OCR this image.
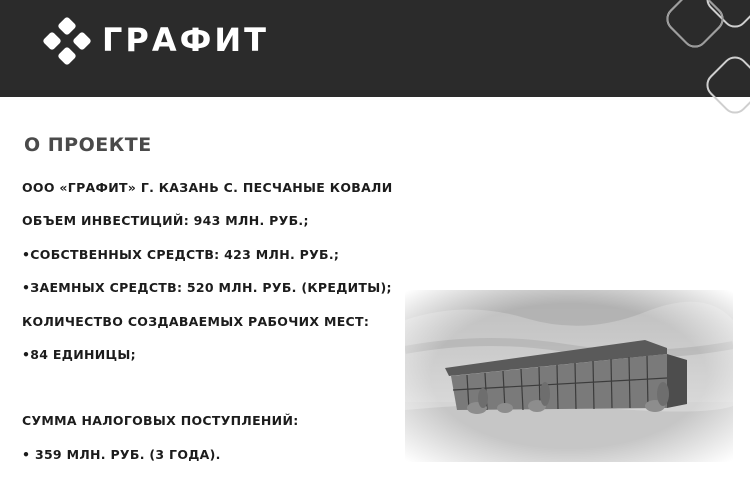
ГРАФИТ
О ПРОЕКТЕ
ООО «ГРАФИТ» Г. КАЗАНЬ С. ПЕСЧАНЫЕ КОВАЛИ
ОБЪЕМ ИНВЕСТИЦИЙ: 943 МЛН. РУБ.;
•СОБСТВЕННЫХ СРЕДСТВ: 423 МЛН. РУБ.;
•ЗАЕМНЫХ СРЕДСТВ: 520 МЛН. РУБ. (КРЕДИТЫ);
КОЛИЧЕСТВО СОЗДАВАЕМЫХ РАБОЧИХ МЕСТ:
•84 ЕДИНИЦЫ;
СУММА НАЛОГОВЫХ ПОСТУПЛЕНИЙ:
• 359 МЛН. РУБ. (3 ГОДА).
